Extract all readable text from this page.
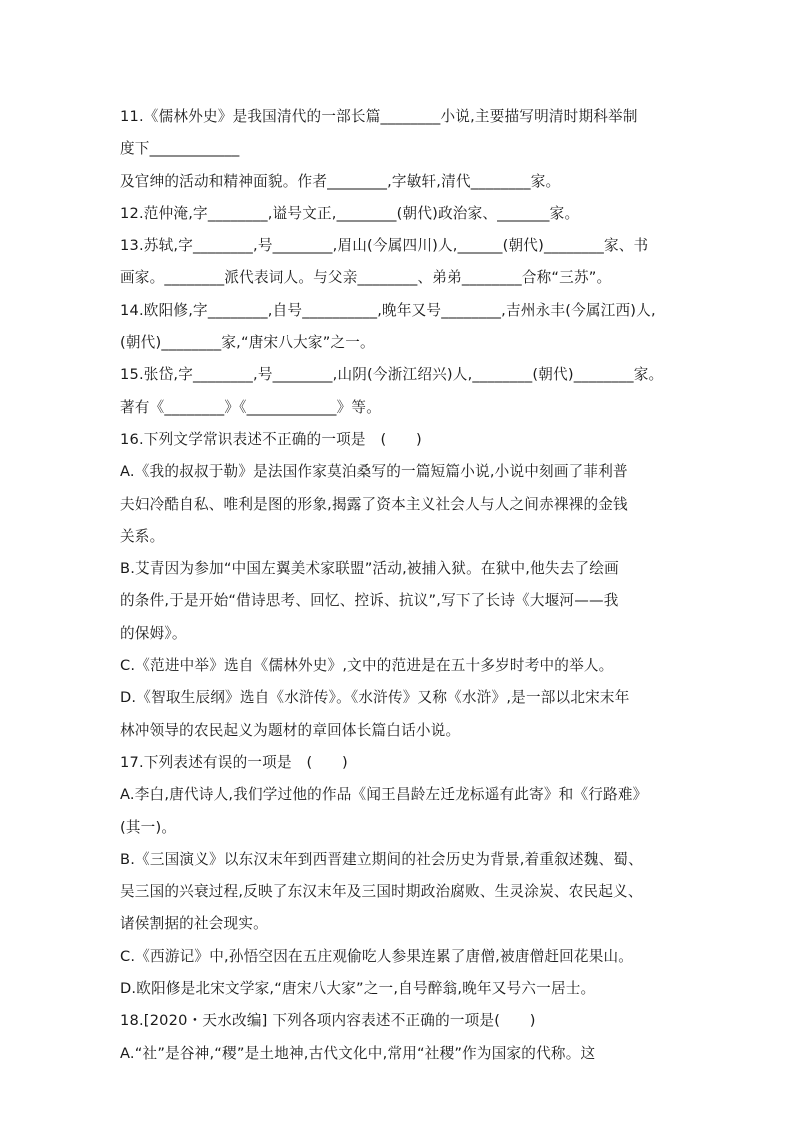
11.《儒林外史》是我国清代的一部长篇________小说,主要描写明清时期科举制
度下____________
及官绅的活动和精神面貌。作者________,字敏轩,清代________家。
12.范仲淹,字________,谥号文正,________(朝代)政治家、_______家。
13.苏轼,字________,号________,眉山(今属四川)人,______(朝代)________家、书
画家。________派代表词人。与父亲________、弟弟________合称“三苏”。
14.欧阳修,字________,自号__________,晚年又号________,吉州永丰(今属江西)人,
(朝代)________家,“唐宋八大家”之一。
15.张岱,字________,号________,山阴(今浙江绍兴)人,________(朝代)________家。
著有《________》《____________》等。
16.下列文学常识表述不正确的一项是　(　　)
A.《我的叔叔于勒》是法国作家莫泊桑写的一篇短篇小说,小说中刻画了菲利普
夫妇冷酷自私、唯利是图的形象,揭露了资本主义社会人与人之间赤裸裸的金钱
关系。
B.艾青因为参加“中国左翼美术家联盟”活动,被捕入狱。在狱中,他失去了绘画
的条件,于是开始“借诗思考、回忆、控诉、抗议”,写下了长诗《大堰河——我
的保姆》。
C.《范进中举》选自《儒林外史》,文中的范进是在五十多岁时考中的举人。
D.《智取生辰纲》选自《水浒传》。《水浒传》又称《水浒》,是一部以北宋末年
林冲领导的农民起义为题材的章回体长篇白话小说。
17.下列表述有误的一项是　(　　)
A.李白,唐代诗人,我们学过他的作品《闻王昌龄左迁龙标遥有此寄》和《行路难》
(其一)。
B.《三国演义》以东汉末年到西晋建立期间的社会历史为背景,着重叙述魏、蜀、
吴三国的兴衰过程,反映了东汉末年及三国时期政治腐败、生灵涂炭、农民起义、
诸侯割据的社会现实。
C.《西游记》中,孙悟空因在五庄观偷吃人参果连累了唐僧,被唐僧赶回花果山。
D.欧阳修是北宋文学家,“唐宋八大家”之一,自号醉翁,晚年又号六一居士。
18.[2020・天水改编] 下列各项内容表述不正确的一项是(　　)
A.“社”是谷神,“稷”是土地神,古代文化中,常用“社稷”作为国家的代称。这
